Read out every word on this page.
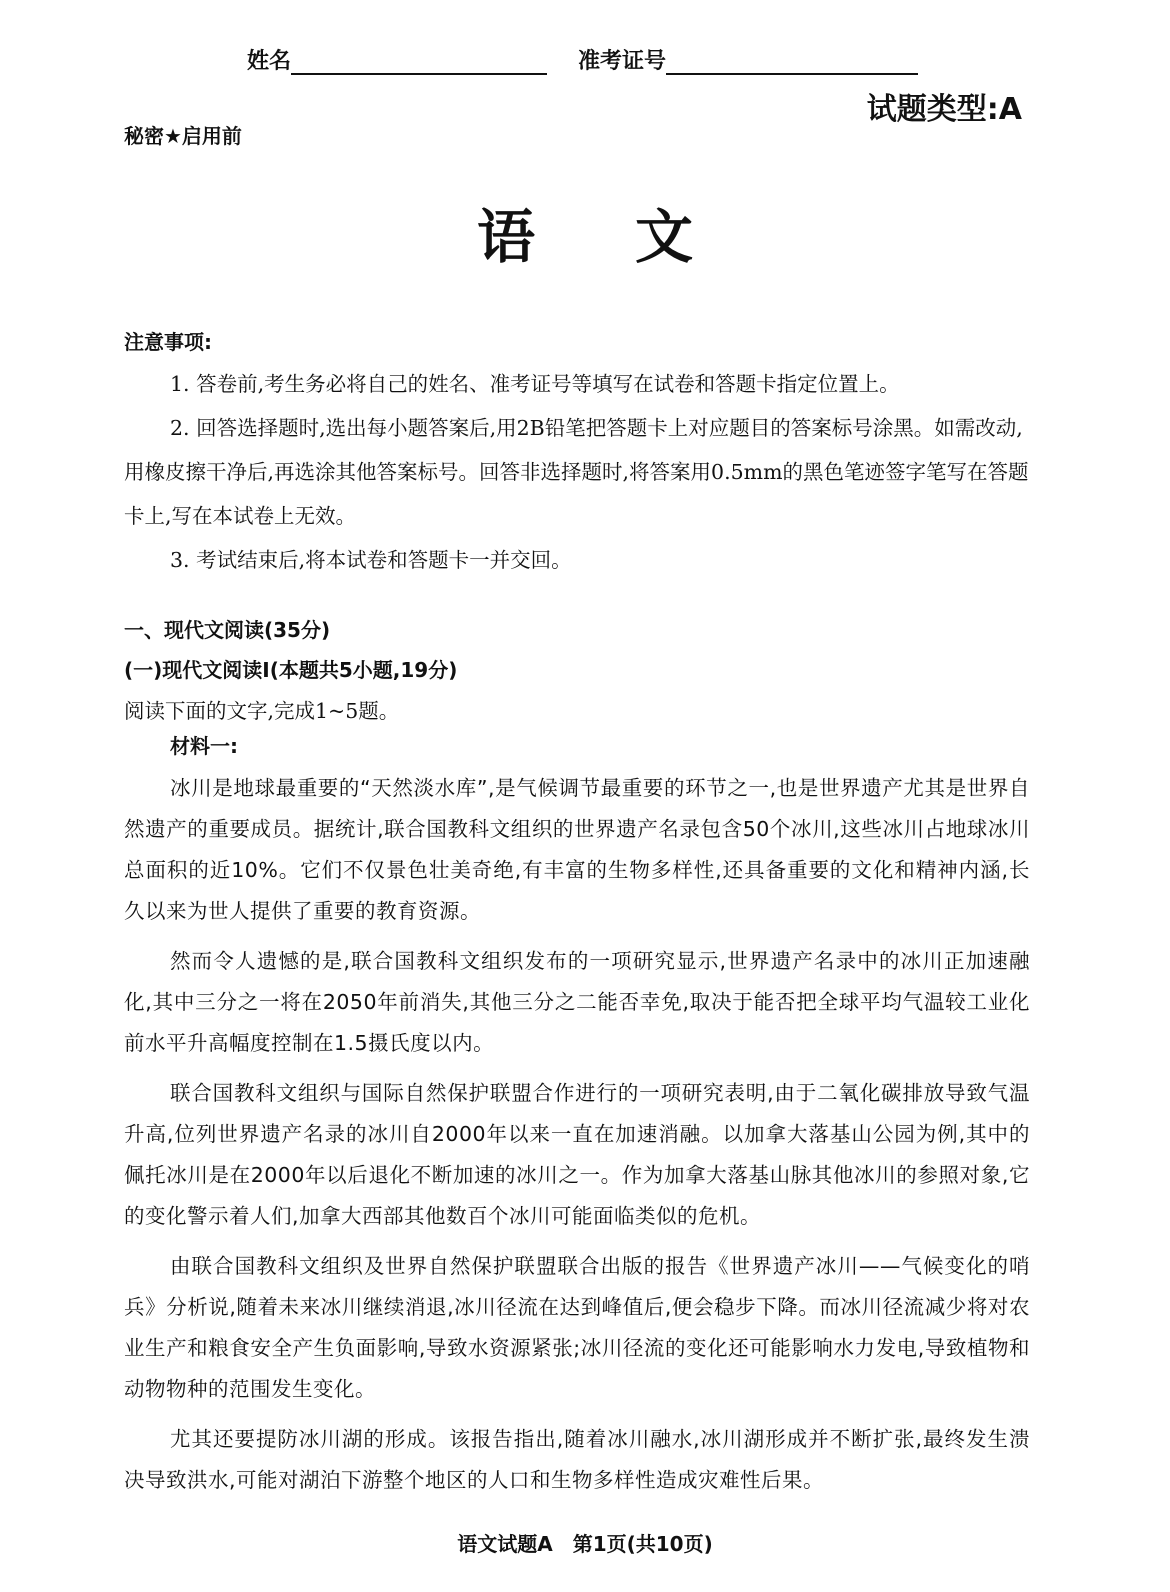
姓名	准考证号
试题类型:A
秘密★启用前
语文
注意事项:

1. 答卷前,考生务必将自己的姓名、准考证号等填写在试卷和答题卡指定位置上。

2. 回答选择题时,选出每小题答案后,用2B铅笔把答题卡上对应题目的答案标号涂黑。如需改动,用橡皮擦干净后,再选涂其他答案标号。回答非选择题时,将答案用0.5mm的黑色笔迹签字笔写在答题卡上,写在本试卷上无效。

3. 考试结束后,将本试卷和答题卡一并交回。

一、现代文阅读(35分)
(一)现代文阅读Ⅰ(本题共5小题,19分)
阅读下面的文字,完成1~5题。
材料一:

冰川是地球最重要的“天然淡水库”,是气候调节最重要的环节之一,也是世界遗产尤其是世界自然遗产的重要成员。据统计,联合国教科文组织的世界遗产名录包含50个冰川,这些冰川占地球冰川总面积的近10%。它们不仅景色壮美奇绝,有丰富的生物多样性,还具备重要的文化和精神内涵,长久以来为世人提供了重要的教育资源。

然而令人遗憾的是,联合国教科文组织发布的一项研究显示,世界遗产名录中的冰川正加速融化,其中三分之一将在2050年前消失,其他三分之二能否幸免,取决于能否把全球平均气温较工业化前水平升高幅度控制在1.5摄氏度以内。

联合国教科文组织与国际自然保护联盟合作进行的一项研究表明,由于二氧化碳排放导致气温升高,位列世界遗产名录的冰川自2000年以来一直在加速消融。以加拿大落基山公园为例,其中的佩托冰川是在2000年以后退化不断加速的冰川之一。作为加拿大落基山脉其他冰川的参照对象,它的变化警示着人们,加拿大西部其他数百个冰川可能面临类似的危机。

由联合国教科文组织及世界自然保护联盟联合出版的报告《世界遗产冰川——气候变化的哨兵》分析说,随着未来冰川继续消退,冰川径流在达到峰值后,便会稳步下降。而冰川径流减少将对农业生产和粮食安全产生负面影响,导致水资源紧张;冰川径流的变化还可能影响水力发电,导致植物和动物物种的范围发生变化。

尤其还要提防冰川湖的形成。该报告指出,随着冰川融水,冰川湖形成并不断扩张,最终发生溃决导致洪水,可能对湖泊下游整个地区的人口和生物多样性造成灾难性后果。

语文试题A　第1页(共10页)
